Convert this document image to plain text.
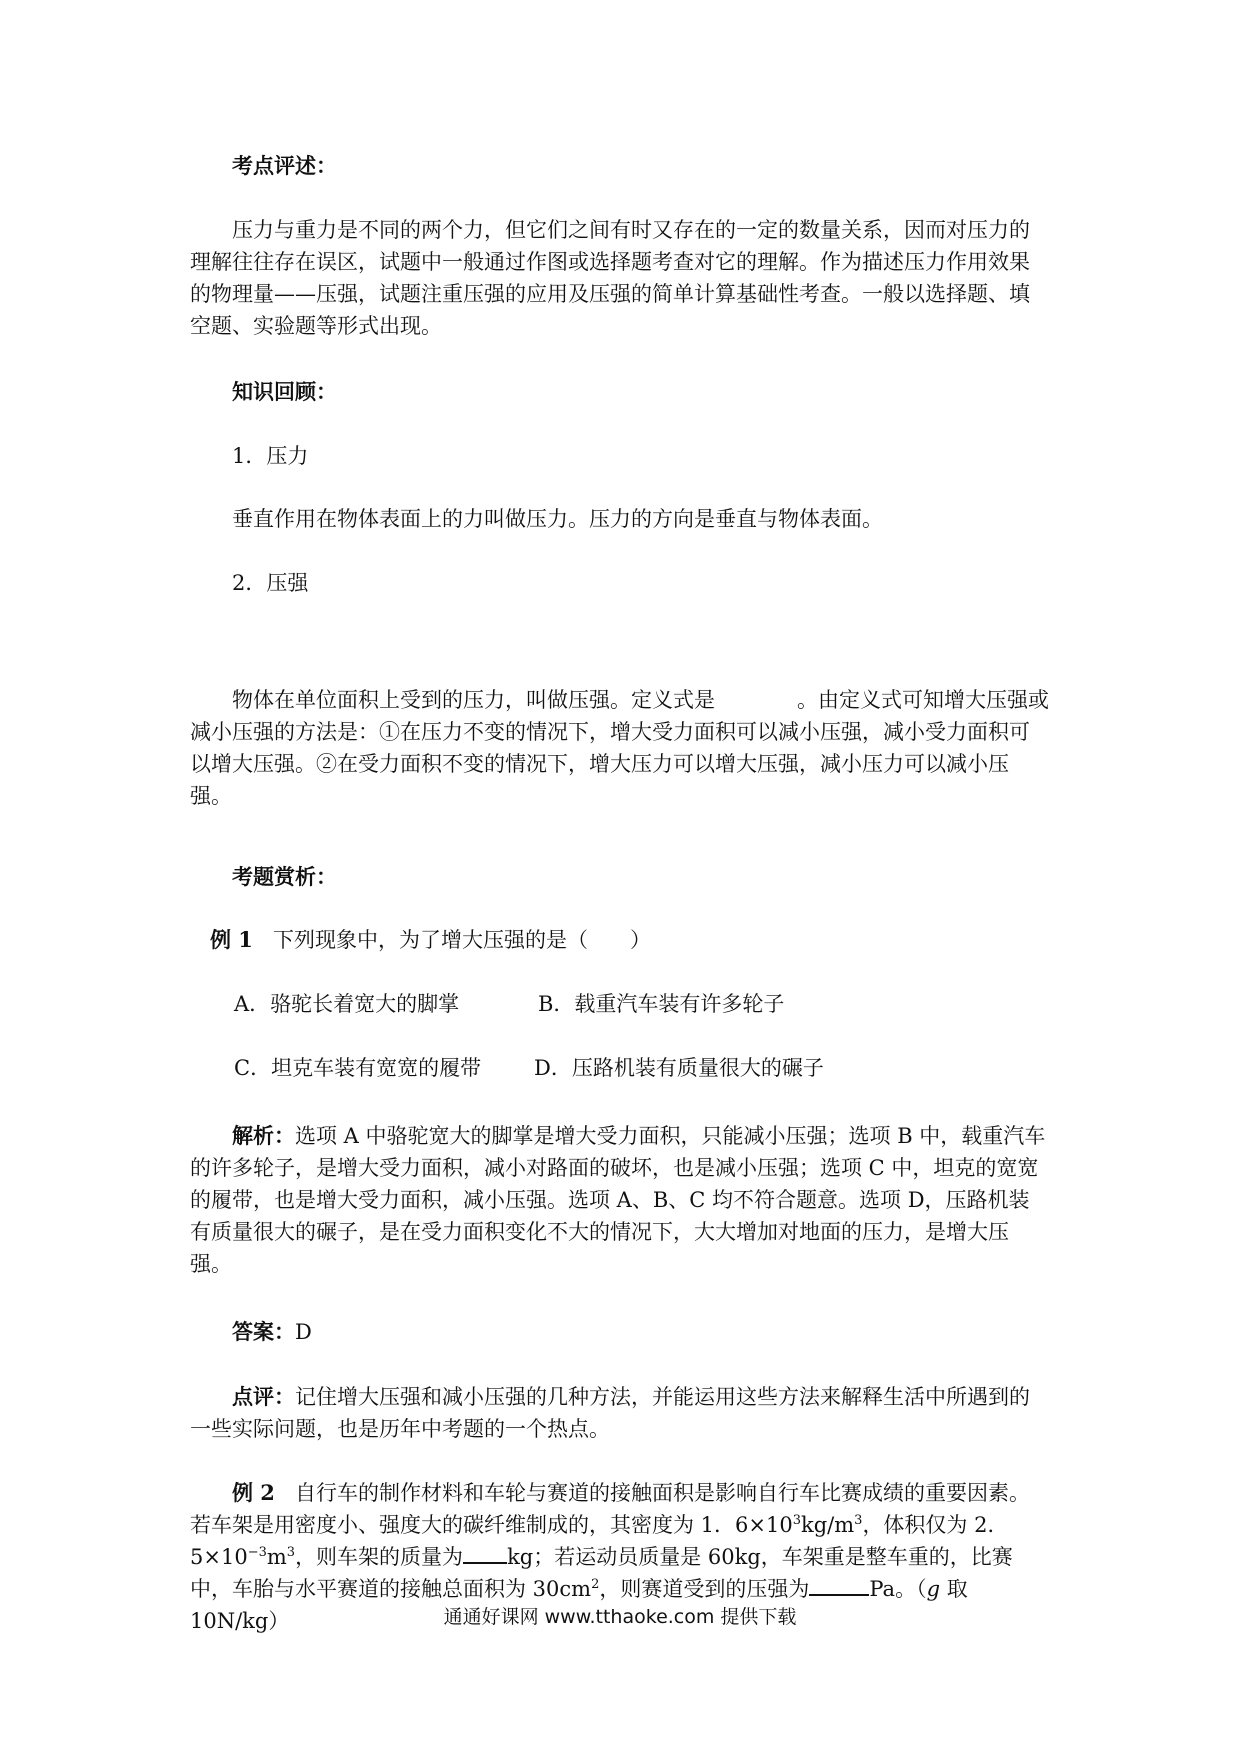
考点评述：

压力与重力是不同的两个力，但它们之间有时又存在的一定的数量关系，因而对压力的理解往往存在误区，试题中一般通过作图或选择题考查对它的理解。作为描述压力作用效果的物理量——压强，试题注重压强的应用及压强的简单计算基础性考查。一般以选择题、填空题、实验题等形式出现。

知识回顾：

1．压力

垂直作用在物体表面上的力叫做压力。压力的方向是垂直与物体表面。

2．压强

物体在单位面积上受到的压力，叫做压强。定义式是	。由定义式可知增大压强或减小压强的方法是：①在压力不变的情况下，增大受力面积可以减小压强，减小受力面积可以增大压强。②在受力面积不变的情况下，增大压力可以增大压强，减小压力可以减小压强。

考题赏析：

例 1 下列现象中，为了增大压强的是（　　）

A．骆驼长着宽大的脚掌	B．载重汽车装有许多轮子

C．坦克车装有宽宽的履带	D．压路机装有质量很大的碾子

解析：选项 A 中骆驼宽大的脚掌是增大受力面积，只能减小压强；选项 B 中，载重汽车的许多轮子，是增大受力面积，减小对路面的破坏，也是减小压强；选项 C 中，坦克的宽宽的履带，也是增大受力面积，减小压强。选项 A、B、C 均不符合题意。选项 D，压路机装有质量很大的碾子，是在受力面积变化不大的情况下，大大增加对地面的压力，是增大压强。

答案：D

点评：记住增大压强和减小压强的几种方法，并能运用这些方法来解释生活中所遇到的一些实际问题，也是历年中考题的一个热点。

例 2 自行车的制作材料和车轮与赛道的接触面积是影响自行车比赛成绩的重要因素。若车架是用密度小、强度大的碳纤维制成的，其密度为 1．$6\times 10^3kg/m^3$，体积仅为 2．$5\times 10^{-3}m^3$，则车架的质量为 kg；若运动员质量是 60kg，车架重是整车重的，比赛中，车胎与水平赛道的接触总面积为 $30cm^2$，则赛道受到的压强为	Pa。（g 取 10N/kg）	通通好课网 www.tthaoke.com 提供下载
